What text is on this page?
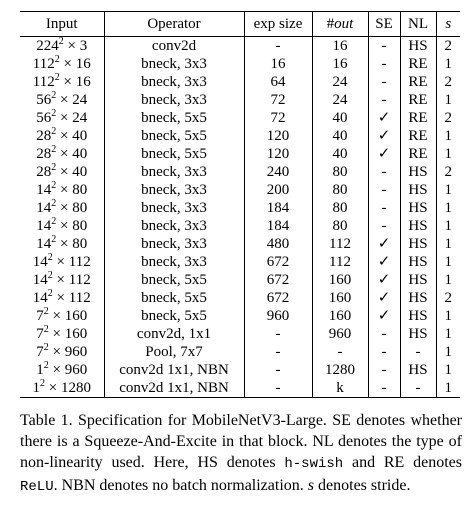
Input	Operator	exp size	#out	SE	NL	s
$224^2 \times 3$	conv2d	-	16	-	HS	2
$112^2 \times 16$	bneck, 3x3	16	16	-	RE	1
$112^2 \times 16$	bneck, 3x3	64	24	-	RE	2
$56^2 \times 24$	bneck, 3x3	72	24	-	RE	1
$56^2 \times 24$	bneck, 5x5	72	40	✓	RE	2
$28^2 \times 40$	bneck, 5x5	120	40	✓	RE	1
$28^2 \times 40$	bneck, 5x5	120	40	✓	RE	1
$28^2 \times 40$	bneck, 3x3	240	80	-	HS	2
$14^2 \times 80$	bneck, 3x3	200	80	-	HS	1
$14^2 \times 80$	bneck, 3x3	184	80	-	HS	1
$14^2 \times 80$	bneck, 3x3	184	80	-	HS	1
$14^2 \times 80$	bneck, 3x3	480	112	✓	HS	1
$14^2 \times 112$	bneck, 3x3	672	112	✓	HS	1
$14^2 \times 112$	bneck, 5x5	672	160	✓	HS	1
$14^2 \times 112$	bneck, 5x5	672	160	✓	HS	2
$7^2 \times 160$	bneck, 5x5	960	160	✓	HS	1
$7^2 \times 160$	conv2d, 1x1	-	960	-	HS	1
$7^2 \times 960$	Pool, 7x7	-	-	-	-	1
$1^2 \times 960$	conv2d 1x1, NBN	-	1280	-	HS	1
$1^2 \times 1280$	conv2d 1x1, NBN	-	k	-	-	1
Table 1. Specification for MobileNetV3-Large. SE denotes whether there is a Squeeze-And-Excite in that block. NL denotes the type of non-linearity used. Here, HS denotes h-swish and RE denotes ReLU. NBN denotes no batch normalization. s denotes stride.
